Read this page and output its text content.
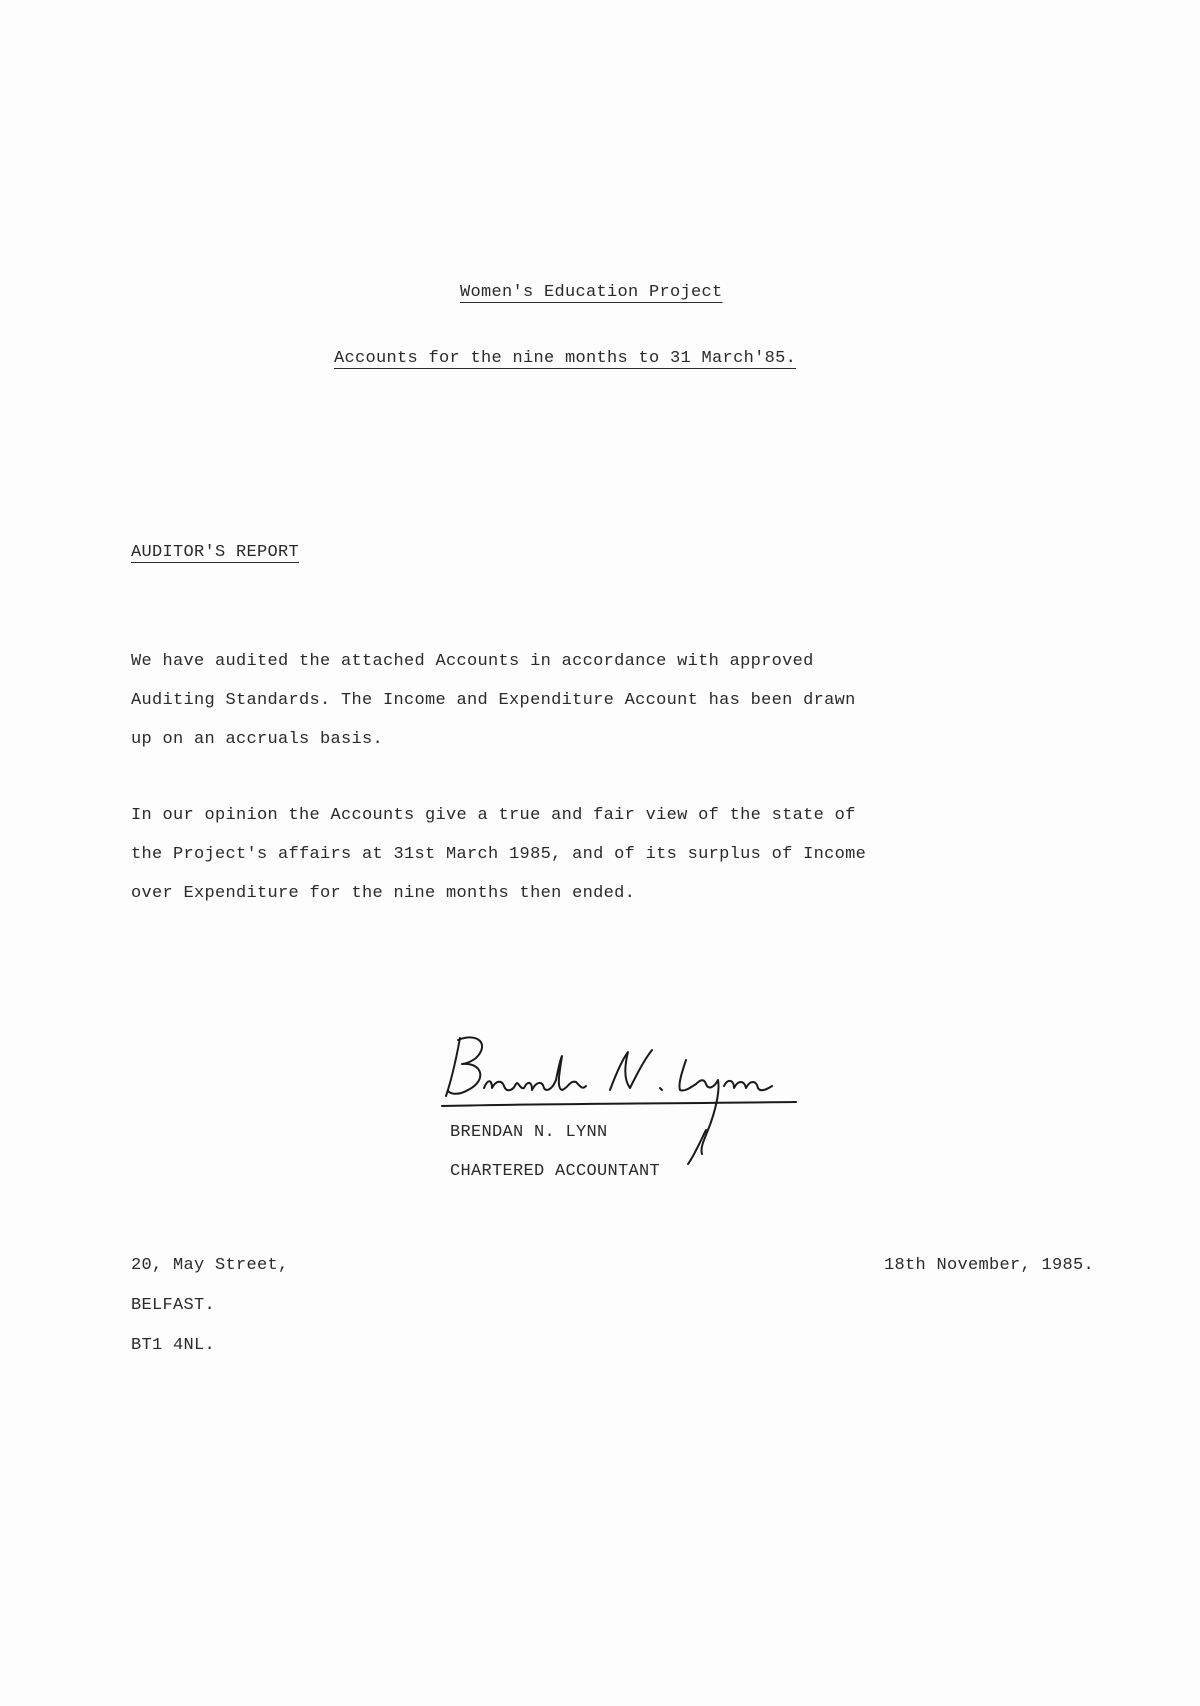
Women's Education Project
Accounts for the nine months to 31 March'85.
AUDITOR'S REPORT
We have audited the attached Accounts in accordance with approved
Auditing Standards. The Income and Expenditure Account has been drawn
up on an accruals basis.
In our opinion the Accounts give a true and fair view of the state of
the Project's affairs at 31st March 1985, and of its surplus of Income
over Expenditure for the nine months then ended.
BRENDAN N. LYNN
CHARTERED ACCOUNTANT
20, May Street,
BELFAST.
BT1 4NL.
18th November, 1985.
